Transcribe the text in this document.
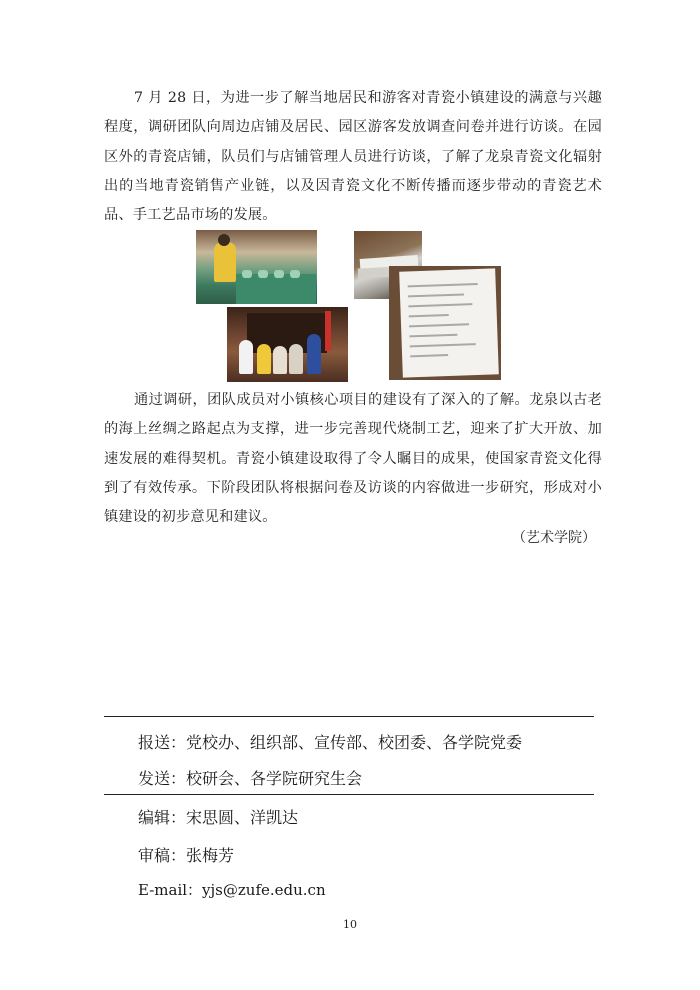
7 月 28 日，为进一步了解当地居民和游客对青瓷小镇建设的满意与兴趣程度，调研团队向周边店铺及居民、园区游客发放调查问卷并进行访谈。在园区外的青瓷店铺，队员们与店铺管理人员进行访谈，了解了龙泉青瓷文化辐射出的当地青瓷销售产业链，以及因青瓷文化不断传播而逐步带动的青瓷艺术品、手工艺品市场的发展。

通过调研，团队成员对小镇核心项目的建设有了深入的了解。龙泉以古老的海上丝绸之路起点为支撑，进一步完善现代烧制工艺，迎来了扩大开放、加速发展的难得契机。青瓷小镇建设取得了令人瞩目的成果，使国家青瓷文化得到了有效传承。下阶段团队将根据问卷及访谈的内容做进一步研究，形成对小镇建设的初步意见和建议。

（艺术学院）
报送：党校办、组织部、宣传部、校团委、各学院党委
发送：校研会、各学院研究生会
编辑：宋思圆、洋凯达
审稿：张梅芳
E-mail：yjs@zufe.edu.cn
10
